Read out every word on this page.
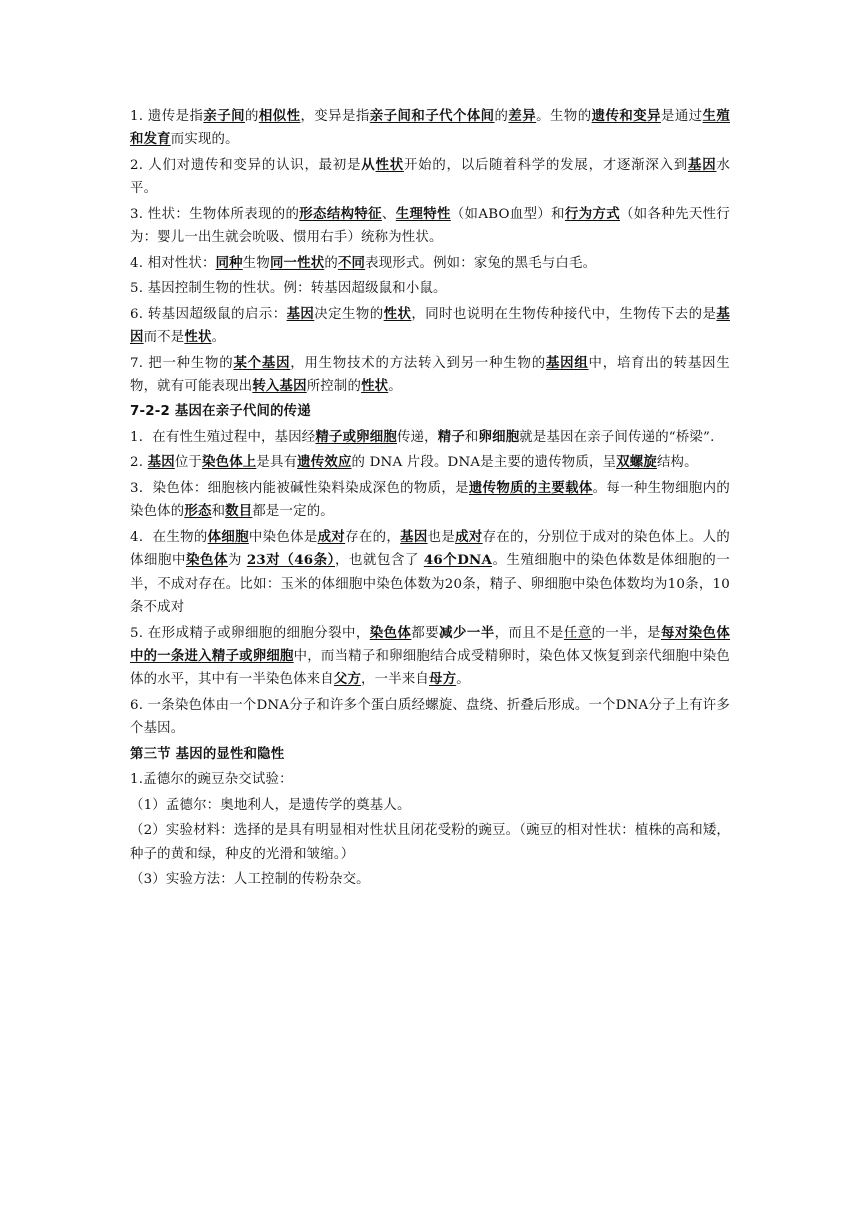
1. 遗传是指亲子间的相似性，变异是指亲子间和子代个体间的差异。生物的遗传和变异是通过生殖和发育而实现的。

2. 人们对遗传和变异的认识，最初是从性状开始的，以后随着科学的发展，才逐渐深入到基因水平。

3. 性状：生物体所表现的的形态结构特征、生理特性（如ABO血型）和行为方式（如各种先天性行为：婴儿一出生就会吮吸、惯用右手）统称为性状。

4. 相对性状：同种生物同一性状的不同表现形式。例如：家兔的黑毛与白毛。

5. 基因控制生物的性状。例：转基因超级鼠和小鼠。

6. 转基因超级鼠的启示：基因决定生物的性状，同时也说明在生物传种接代中，生物传下去的是基因而不是性状。

7. 把一种生物的某个基因，用生物技术的方法转入到另一种生物的基因组中，培育出的转基因生物，就有可能表现出转入基因所控制的性状。

7-2-2 基因在亲子代间的传递

1．在有性生殖过程中，基因经精子或卵细胞传递，精子和卵细胞就是基因在亲子间传递的“桥梁”.

2. 基因位于染色体上是具有遗传效应的 DNA 片段。DNA是主要的遗传物质，呈双螺旋结构。

3．染色体：细胞核内能被碱性染料染成深色的物质，是遗传物质的主要载体。每一种生物细胞内的染色体的形态和数目都是一定的。

4．在生物的体细胞中染色体是成对存在的，基因也是成对存在的，分别位于成对的染色体上。人的体细胞中染色体为 23对（46条），也就包含了 46个DNA。生殖细胞中的染色体数是体细胞的一半，不成对存在。比如：玉米的体细胞中染色体数为20条，精子、卵细胞中染色体数均为10条，10条不成对

5. 在形成精子或卵细胞的细胞分裂中，染色体都要减少一半，而且不是任意的一半，是每对染色体中的一条进入精子或卵细胞中，而当精子和卵细胞结合成受精卵时，染色体又恢复到亲代细胞中染色体的水平，其中有一半染色体来自父方，一半来自母方。

6. 一条染色体由一个DNA分子和许多个蛋白质经螺旋、盘绕、折叠后形成。一个DNA分子上有许多个基因。

第三节 基因的显性和隐性

1.孟德尔的豌豆杂交试验：

（1）孟德尔：奥地利人，是遗传学的奠基人。

（2）实验材料：选择的是具有明显相对性状且闭花受粉的豌豆。（豌豆的相对性状：植株的高和矮，种子的黄和绿，种皮的光滑和皱缩。）

（3）实验方法：人工控制的传粉杂交。
